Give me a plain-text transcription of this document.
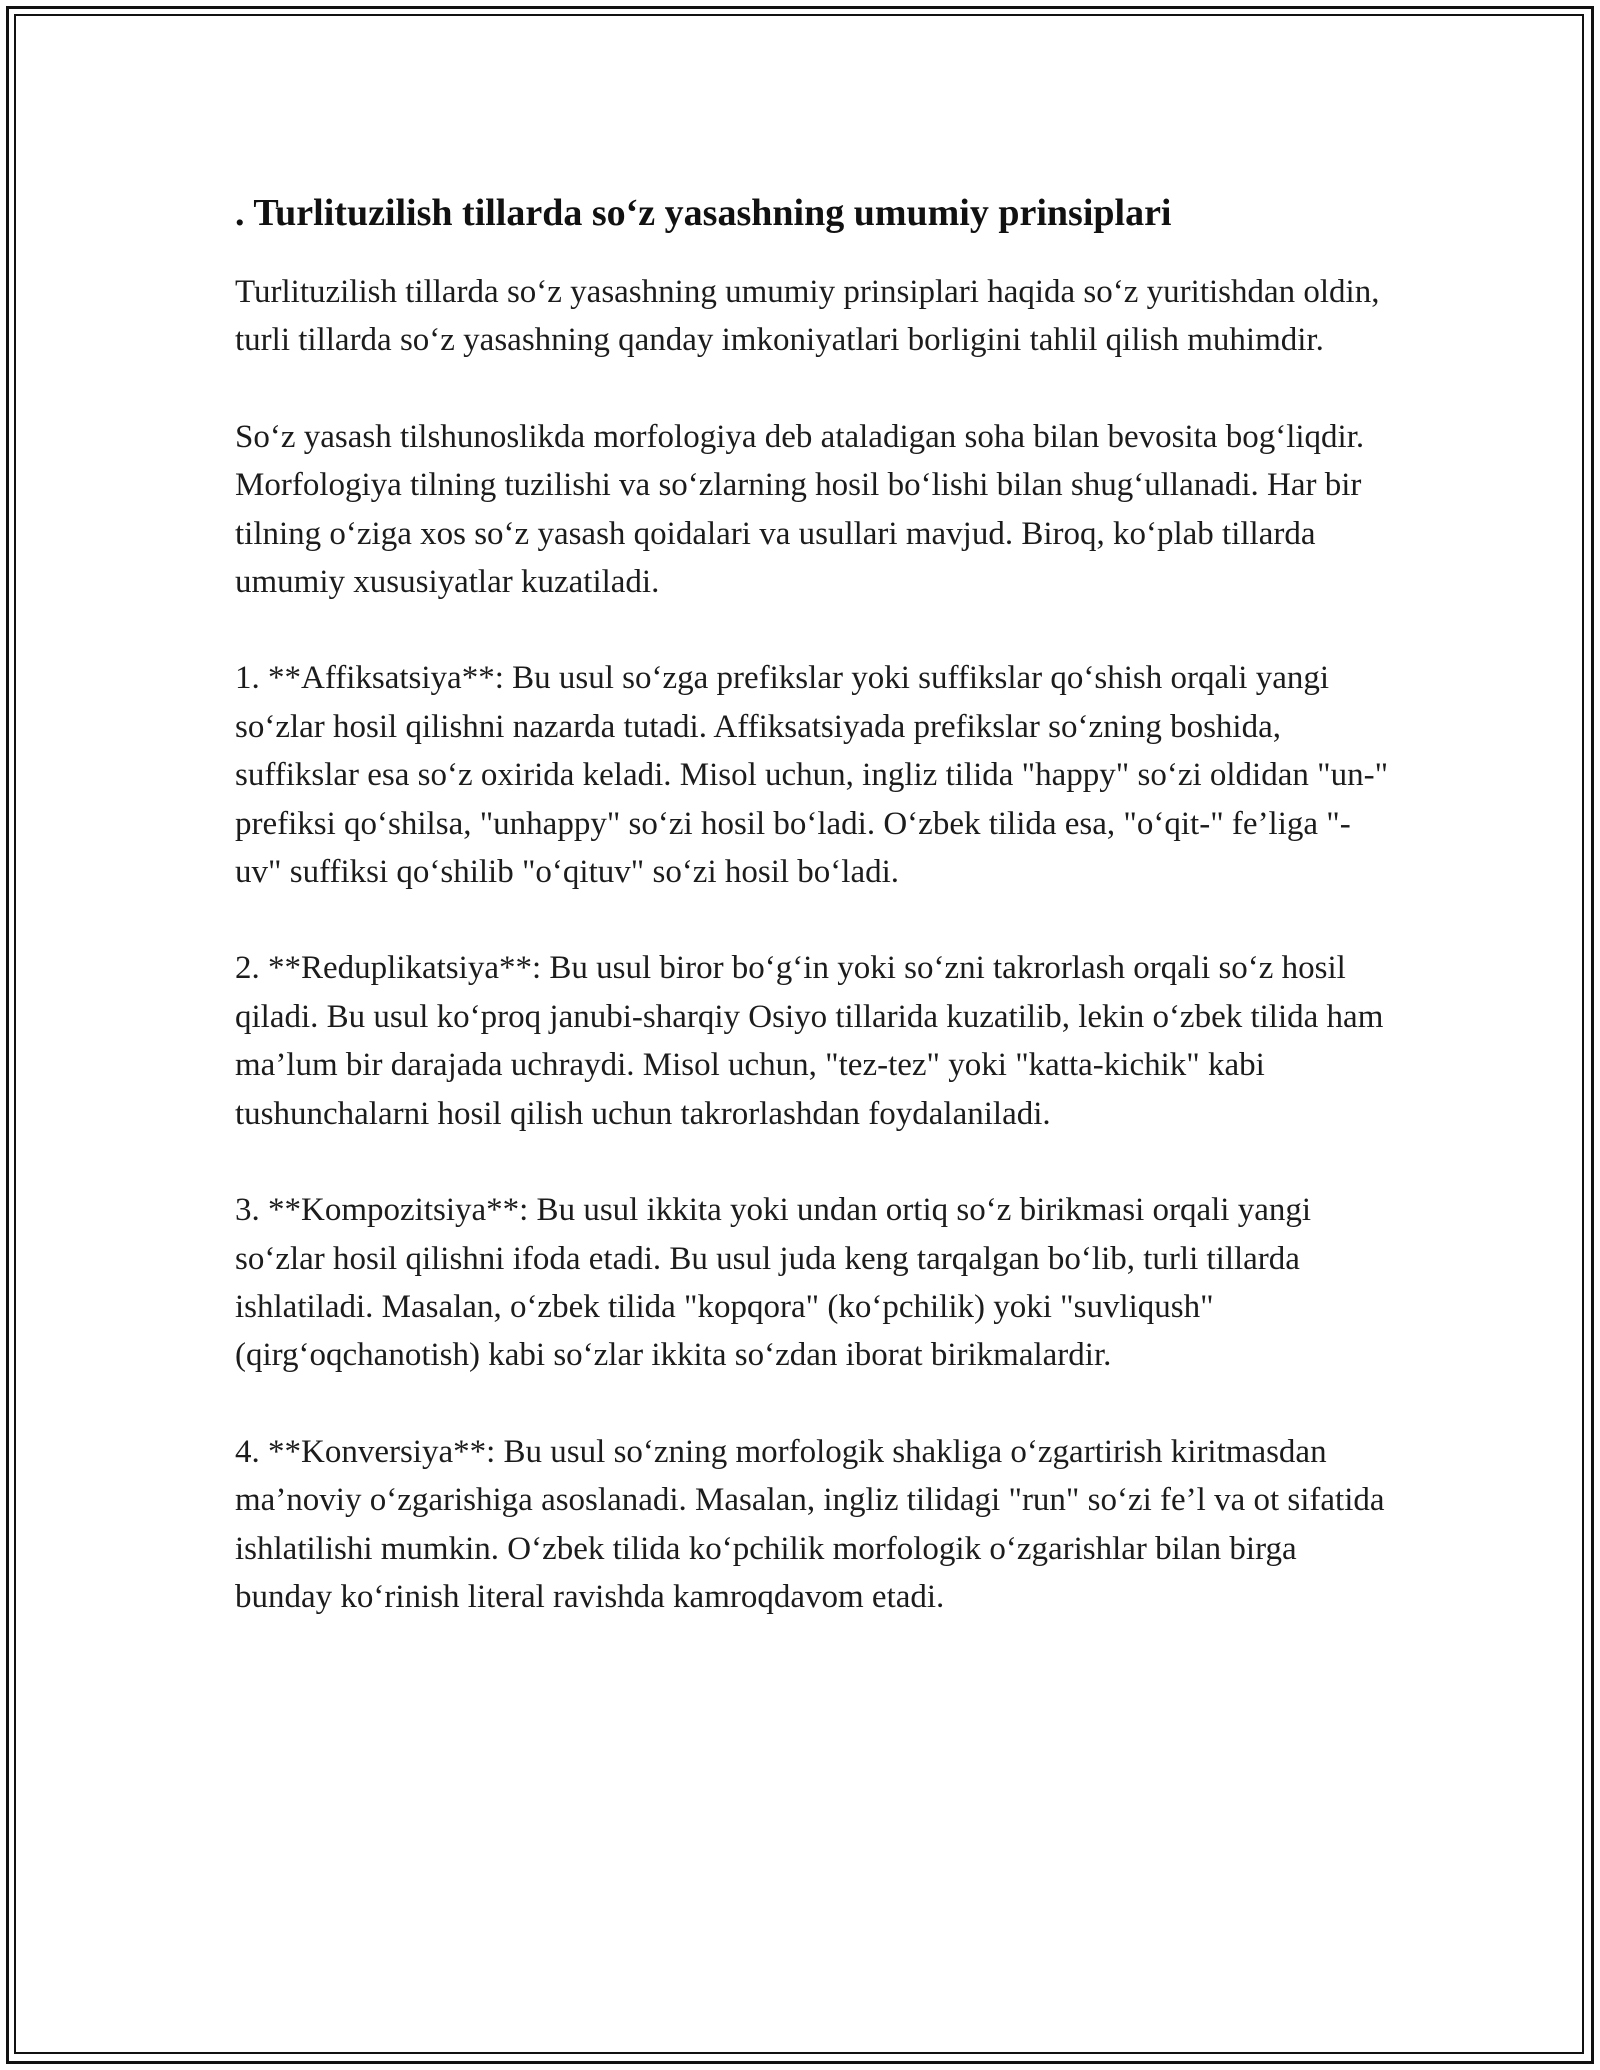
. Turlituzilish tillarda so‘z yasashning umumiy prinsiplari

Turlituzilish tillarda so‘z yasashning umumiy prinsiplari haqida so‘z yuritishdan oldin, turli tillarda so‘z yasashning qanday imkoniyatlari borligini tahlil qilish muhimdir.

So‘z yasash tilshunoslikda morfologiya deb ataladigan soha bilan bevosita bog‘liqdir. Morfologiya tilning tuzilishi va so‘zlarning hosil bo‘lishi bilan shug‘ullanadi. Har bir tilning o‘ziga xos so‘z yasash qoidalari va usullari mavjud. Biroq, ko‘plab tillarda umumiy xususiyatlar kuzatiladi.

1. **Affiksatsiya**: Bu usul so‘zga prefikslar yoki suffikslar qo‘shish orqali yangi so‘zlar hosil qilishni nazarda tutadi. Affiksatsiyada prefikslar so‘zning boshida, suffikslar esa so‘z oxirida keladi. Misol uchun, ingliz tilida "happy" so‘zi oldidan "un-" prefiksi qo‘shilsa, "unhappy" so‘zi hosil bo‘ladi. O‘zbek tilida esa, "o‘qit-" fe’liga "-uv" suffiksi qo‘shilib "o‘qituv" so‘zi hosil bo‘ladi.

2. **Reduplikatsiya**: Bu usul biror bo‘g‘in yoki so‘zni takrorlash orqali so‘z hosil qiladi. Bu usul ko‘proq janubi-sharqiy Osiyo tillarida kuzatilib, lekin o‘zbek tilida ham ma’lum bir darajada uchraydi. Misol uchun, "tez-tez" yoki "katta-kichik" kabi tushunchalarni hosil qilish uchun takrorlashdan foydalaniladi.

3. **Kompozitsiya**: Bu usul ikkita yoki undan ortiq so‘z birikmasi orqali yangi so‘zlar hosil qilishni ifoda etadi. Bu usul juda keng tarqalgan bo‘lib, turli tillarda ishlatiladi. Masalan, o‘zbek tilida "kopqora" (ko‘pchilik) yoki "suvliqush" (qirg‘oqchanotish) kabi so‘zlar ikkita so‘zdan iborat birikmalardir.

4. **Konversiya**: Bu usul so‘zning morfologik shakliga o‘zgartirish kiritmasdan ma’noviy o‘zgarishiga asoslanadi. Masalan, ingliz tilidagi "run" so‘zi fe’l va ot sifatida ishlatilishi mumkin. O‘zbek tilida ko‘pchilik morfologik o‘zgarishlar bilan birga bunday ko‘rinish literal ravishda kamroqdavom etadi.
